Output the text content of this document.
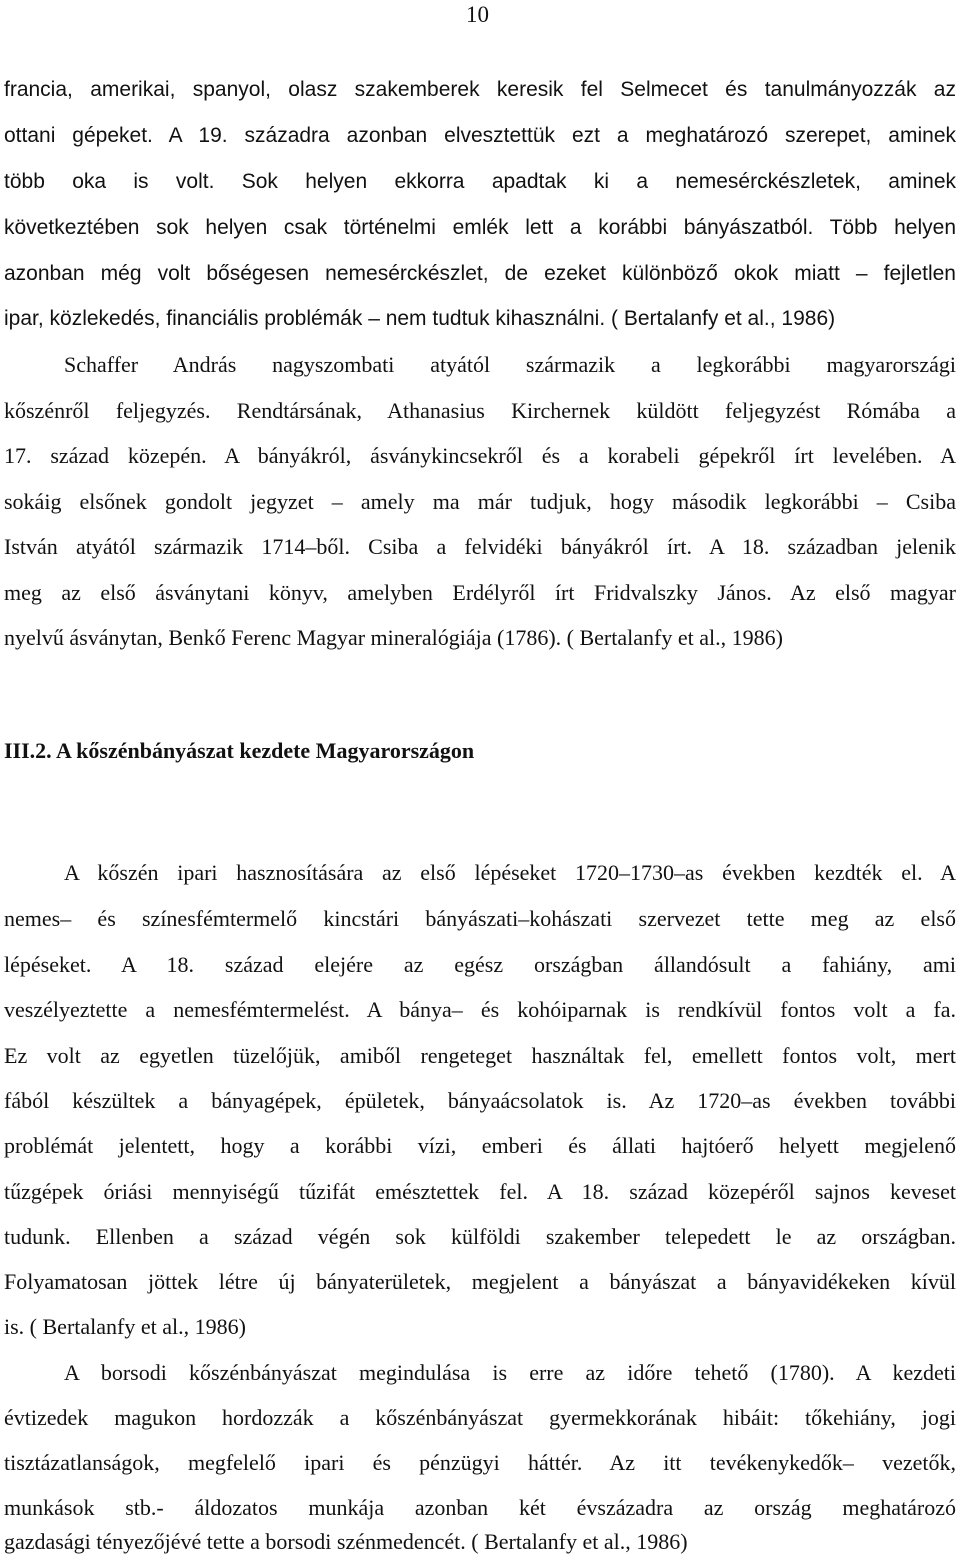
10
francia, amerikai, spanyol, olasz szakemberek keresik fel Selmecet és tanulmányozzák az
ottani gépeket. A 19. századra azonban elvesztettük ezt a meghatározó szerepet, aminek
több oka is volt. Sok helyen ekkorra apadtak ki a nemesérckészletek, aminek
következtében sok helyen csak történelmi emlék lett a korábbi bányászatból. Több helyen
azonban még volt bőségesen nemesérckészlet, de ezeket különböző okok miatt – fejletlen
ipar, közlekedés, financiális problémák – nem tudtuk kihasználni. ( Bertalanfy et al., 1986)
Schaffer András nagyszombati atyától származik a legkorábbi magyarországi
kőszénről feljegyzés. Rendtársának, Athanasius Kirchernek küldött feljegyzést Rómába a
17. század közepén. A bányákról, ásványkincsekről és a korabeli gépekről írt levelében. A
sokáig elsőnek gondolt jegyzet – amely ma már tudjuk, hogy második legkorábbi – Csiba
István atyától származik 1714–ből. Csiba a felvidéki bányákról írt. A 18. században jelenik
meg az első ásványtani könyv, amelyben Erdélyről írt Fridvalszky János. Az első magyar
nyelvű ásványtan, Benkő Ferenc Magyar mineralógiája (1786). ( Bertalanfy et al., 1986)
III.2. A kőszénbányászat kezdete Magyarországon
A kőszén ipari hasznosítására az első lépéseket 1720–1730–as években kezdték el. A
nemes– és színesfémtermelő kincstári bányászati–kohászati szervezet tette meg az első
lépéseket. A 18. század elejére az egész országban állandósult a fahiány, ami
veszélyeztette a nemesfémtermelést. A bánya– és kohóiparnak is rendkívül fontos volt a fa.
Ez volt az egyetlen tüzelőjük, amiből rengeteget használtak fel, emellett fontos volt, mert
fából készültek a bányagépek, épületek, bányaácsolatok is. Az 1720–as években további
problémát jelentett, hogy a korábbi vízi, emberi és állati hajtóerő helyett megjelenő
tűzgépek óriási mennyiségű tűzifát emésztettek fel. A 18. század közepéről sajnos keveset
tudunk. Ellenben a század végén sok külföldi szakember telepedett le az országban.
Folyamatosan jöttek létre új bányaterületek, megjelent a bányászat a bányavidékeken kívül
is. ( Bertalanfy et al., 1986)
A borsodi kőszénbányászat megindulása is erre az időre tehető (1780). A kezdeti
évtizedek magukon hordozzák a kőszénbányászat gyermekkorának hibáit: tőkehiány, jogi
tisztázatlanságok, megfelelő ipari és pénzügyi háttér. Az itt tevékenykedők– vezetők,
munkások stb.- áldozatos munkája azonban két évszázadra az ország meghatározó
gazdasági tényezőjévé tette a borsodi szénmedencét. ( Bertalanfy et al., 1986)
